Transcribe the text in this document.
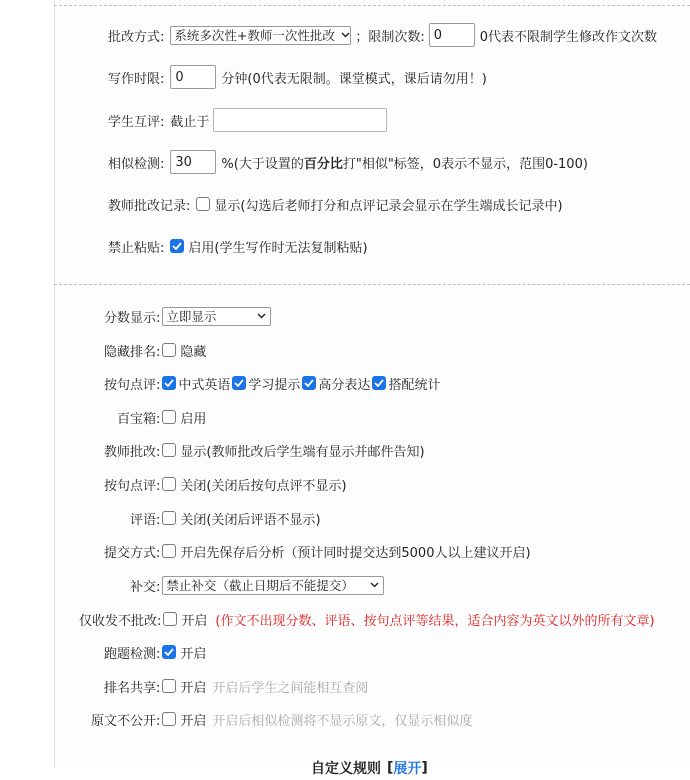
批改方式: 系统多次性+教师一次性批改 ；限制次数: 0	0代表不限制学生修改作文次数
写作时限: 0	分钟(0代表无限制。课堂模式，课后请勿用！)
学生互评: 截止于
相似检测: 30	%(大于设置的 百分比 打"相似"标签，0表示不显示，范围0-100)
教师批改记录: 显示(勾选后老师打分和点评记录会显示在学生端成长记录中)
禁止粘贴: 启用(学生写作时无法复制粘贴)
分数显示: 立即显示
隐藏排名: 隐藏
按句点评: 中式英语 学习提示 高分表达 搭配统计
百宝箱: 启用
教师批改: 显示(教师批改后学生端有显示并邮件告知)
按句点评: 关闭(关闭后按句点评不显示)
评语: 关闭(关闭后评语不显示)
提交方式: 开启先保存后分析（预计同时提交达到5000人以上建议开启)
补交: 禁止补交（截止日期后不能提交）
仅收发不批改: 开启 (作文不出现分数、评语、按句点评等结果，适合内容为英文以外的所有文章)
跑题检测: 开启
排名共享: 开启 开启后学生之间能相互查阅
原文不公开: 开启 开启后相似检测将不显示原文，仅显示相似度
自定义规则 [ 展开 ]
